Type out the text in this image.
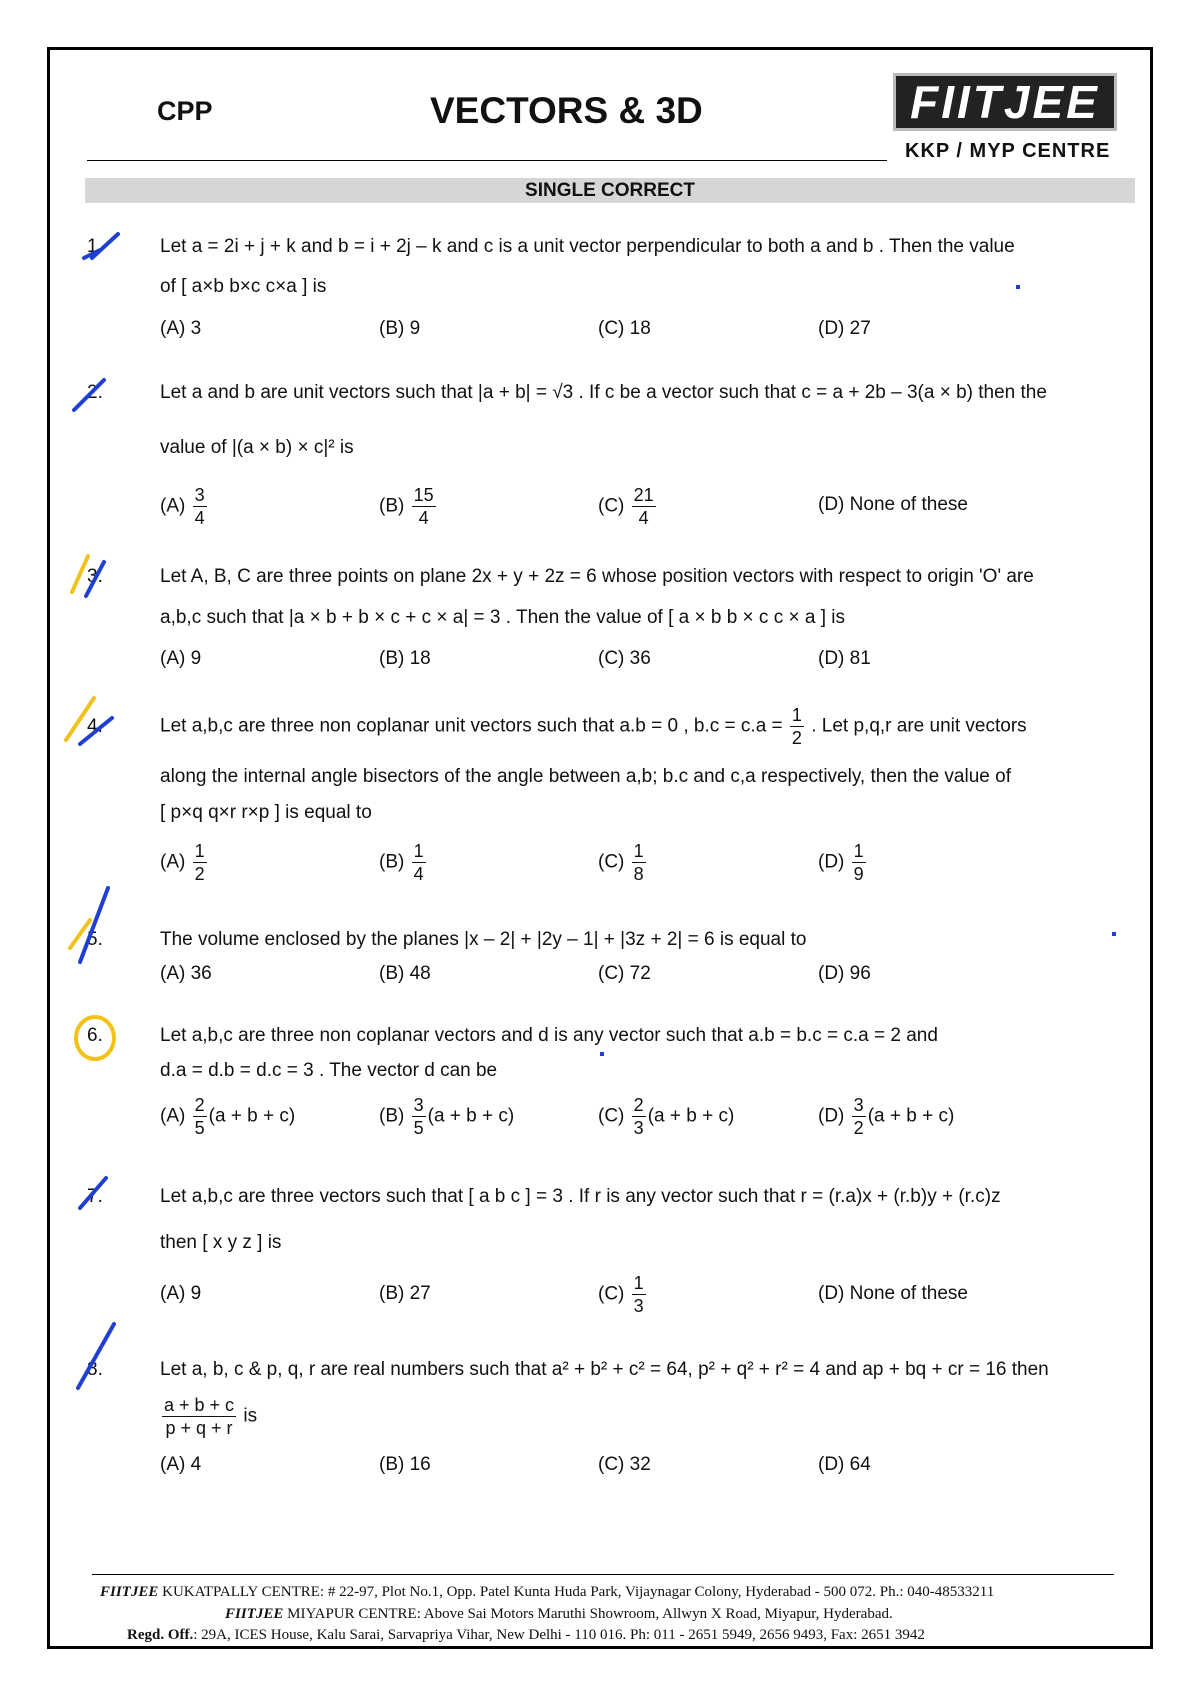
CPP	VECTORS & 3D	FIITJEE
KKP / MYP CENTRE
SINGLE CORRECT
1.	Let a = 2i + j + k and b = i + 2j – k and c is a unit vector perpendicular to both a and b . Then the value
of [ a×b b×c c×a ] is
(A) 3	(B) 9	(C) 18	(D) 27
2.	Let a and b are unit vectors such that |a + b| = √3 . If c be a vector such that c = a + 2b – 3(a × b) then the
value of |(a × b) × c|² is
$(A) \frac{3}{4}$	$(B) \frac{15}{4}$	$(C) \frac{21}{4}$	(D) None of these
3.	Let A, B, C are three points on plane 2x + y + 2z = 6 whose position vectors with respect to origin 'O' are
a,b,c such that |a × b + b × c + c × a| = 3 . Then the value of [ a × b b × c c × a ] is
(A) 9	(B) 18	(C) 36	(D) 81
4.	Let a,b,c are three non coplanar unit vectors such that a.b = 0 , $b.c = c.a = \frac{1}{2}$ . Let p,q,r are unit vectors
along the internal angle bisectors of the angle between a,b; b.c and c,a respectively, then the value of
[ p×q q×r r×p ] is equal to
$(A) \frac{1}{2}$	$(B) \frac{1}{4}$	$(C) \frac{1}{8}$	$(D) \frac{1}{9}$
5.	The volume enclosed by the planes |x – 2| + |2y – 1| + |3z + 2| = 6 is equal to
(A) 36	(B) 48	(C) 72	(D) 96
6.	Let a,b,c are three non coplanar vectors and d is any vector such that a.b = b.c = c.a = 2 and
d.a = d.b = d.c = 3 . The vector d can be
$(A) \frac{2}{5} (a + b + c)$	$(B) \frac{3}{5} (a + b + c)$	$(C) \frac{2}{3} (a + b + c)$	$(D) \frac{3}{2} (a + b + c)$
7.	Let a,b,c are three vectors such that [ a b c ] = 3 . If r is any vector such that r = (r.a)x + (r.b)y + (r.c)z
then [ x y z ] is
(A) 9	(B) 27	$(C) \frac{1}{3}$	(D) None of these
8.	Let a, b, c & p, q, r are real numbers such that a² + b² + c² = 64, p² + q² + r² = 4 and ap + bq + cr = 16 then
$\frac{a + b + c}{p + q + r}$ is
(A) 4	(B) 16	(C) 32	(D) 64
FIITJEE KUKATPALLY CENTRE: # 22-97, Plot No.1, Opp. Patel Kunta Huda Park, Vijaynagar Colony, Hyderabad - 500 072. Ph.: 040-48533211
FIITJEE MIYAPUR CENTRE: Above Sai Motors Maruthi Showroom, Allwyn X Road, Miyapur, Hyderabad.
Regd. Off.: 29A, ICES House, Kalu Sarai, Sarvapriya Vihar, New Delhi - 110 016. Ph: 011 - 2651 5949, 2656 9493, Fax: 2651 3942
